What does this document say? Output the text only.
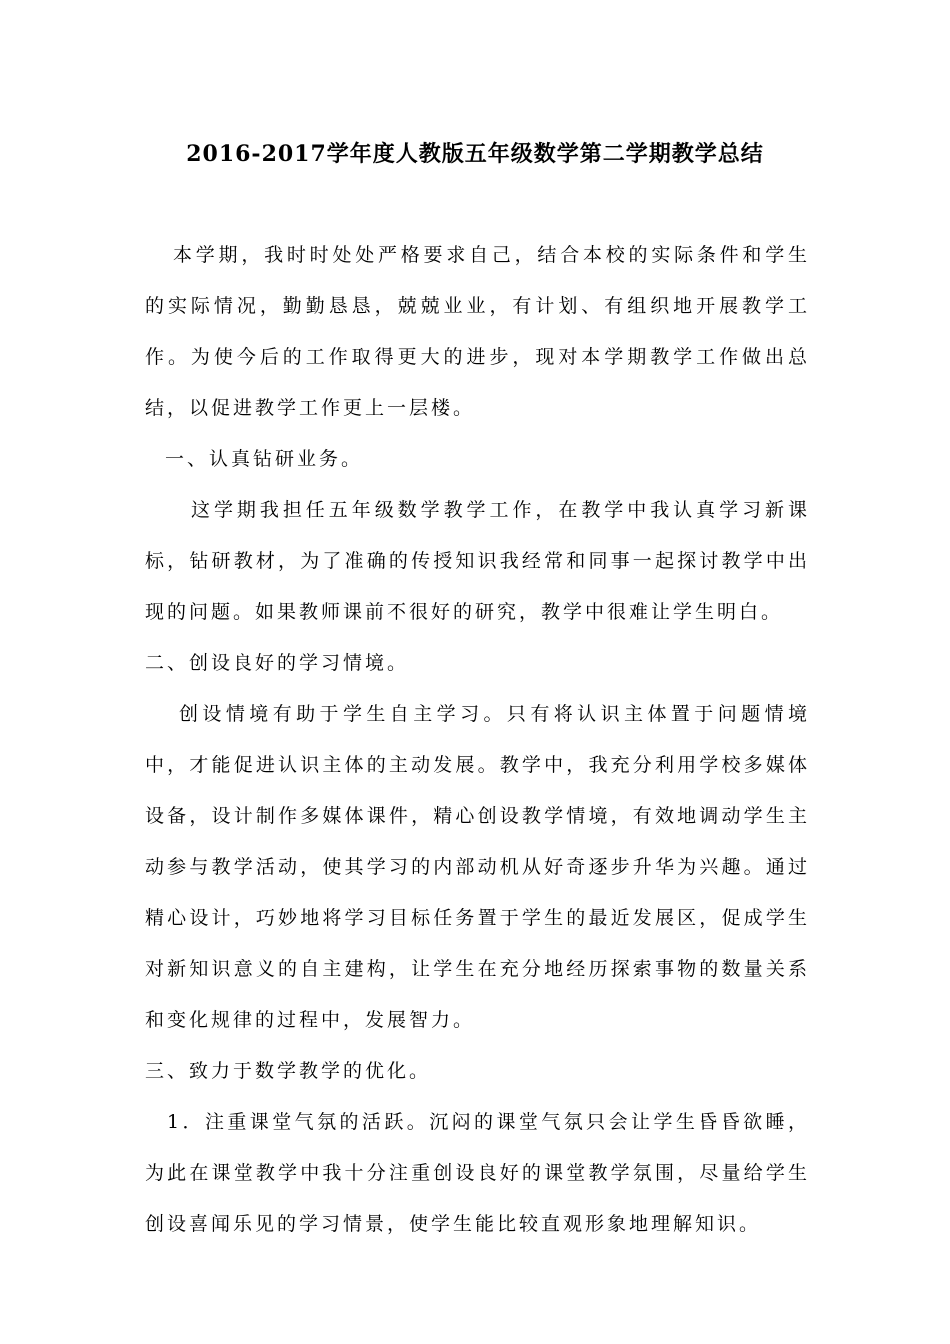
2016-2017学年度人教版五年级数学第二学期教学总结

本学期，我时时处处严格要求自己，结合本校的实际条件和学生的实际情况，勤勤恳恳，兢兢业业，有计划、有组织地开展教学工作。为使今后的工作取得更大的进步，现对本学期教学工作做出总结，以促进教学工作更上一层楼。

一、认真钻研业务。

这学期我担任五年级数学教学工作，在教学中我认真学习新课标，钻研教材，为了准确的传授知识我经常和同事一起探讨教学中出现的问题。如果教师课前不很好的研究，教学中很难让学生明白。

二、创设良好的学习情境。

创设情境有助于学生自主学习。只有将认识主体置于问题情境中，才能促进认识主体的主动发展。教学中，我充分利用学校多媒体设备，设计制作多媒体课件，精心创设教学情境，有效地调动学生主动参与教学活动，使其学习的内部动机从好奇逐步升华为兴趣。通过精心设计，巧妙地将学习目标任务置于学生的最近发展区，促成学生对新知识意义的自主建构，让学生在充分地经历探索事物的数量关系和变化规律的过程中，发展智力。

三、致力于数学教学的优化。

1．注重课堂气氛的活跃。沉闷的课堂气氛只会让学生昏昏欲睡，为此在课堂教学中我十分注重创设良好的课堂教学氛围，尽量给学生创设喜闻乐见的学习情景，使学生能比较直观形象地理解知识。
